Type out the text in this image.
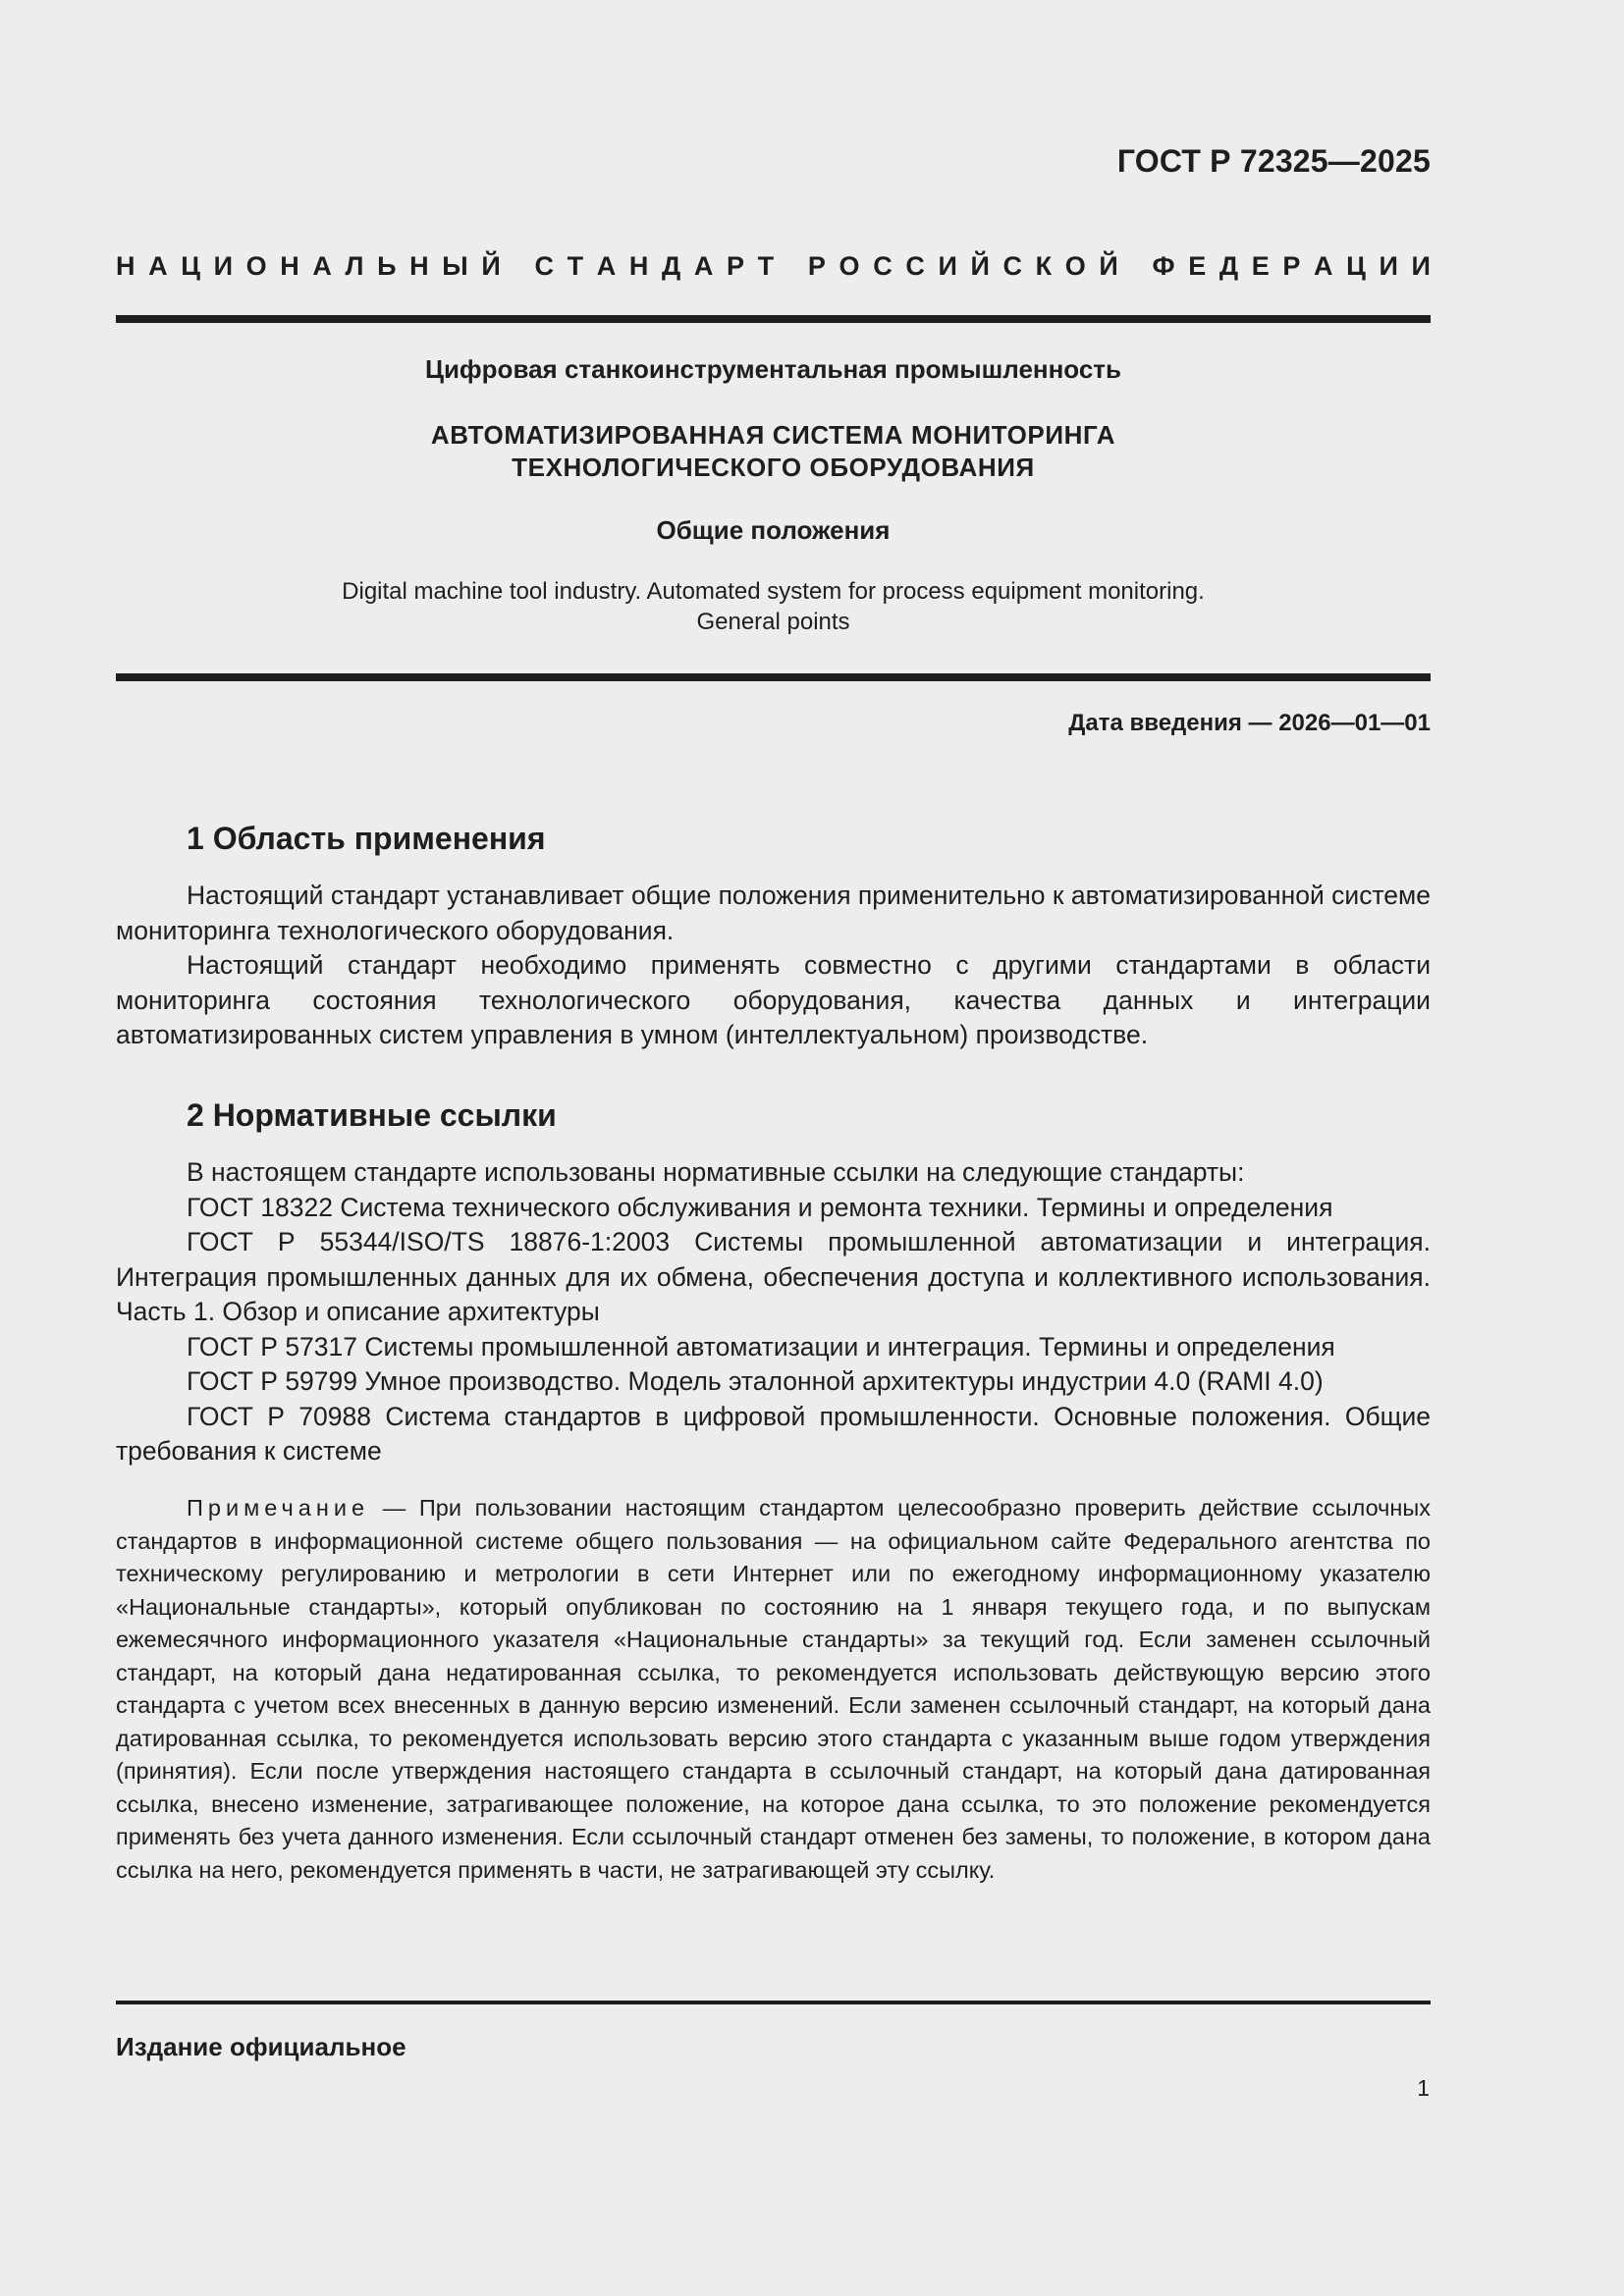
ГОСТ Р 72325—2025
Н А Ц И О Н А Л Ь Н Ы Й
С Т А Н Д А Р Т
Р О С С И Й С К О Й
Ф Е Д Е Р А Ц И И
Цифровая станкоинструментальная промышленность
АВТОМАТИЗИРОВАННАЯ СИСТЕМА МОНИТОРИНГА
ТЕХНОЛОГИЧЕСКОГО ОБОРУДОВАНИЯ
Общие положения
Digital machine tool industry. Automated system for process equipment monitoring.
General points
Дата введения — 2026—01—01
1 Область применения

Настоящий стандарт устанавливает общие положения применительно к автоматизированной системе мониторинга технологического оборудования.

Настоящий стандарт необходимо применять совместно с другими стандартами в области мониторинга состояния технологического оборудования, качества данных и интеграции автоматизированных систем управления в умном (интеллектуальном) производстве.

2 Нормативные ссылки

В настоящем стандарте использованы нормативные ссылки на следующие стандарты:

ГОСТ 18322 Система технического обслуживания и ремонта техники. Термины и определения

ГОСТ Р 55344/ISO/TS 18876-1:2003 Системы промышленной автоматизации и интеграция. Интеграция промышленных данных для их обмена, обеспечения доступа и коллективного использования. Часть 1. Обзор и описание архитектуры

ГОСТ Р 57317 Системы промышленной автоматизации и интеграция. Термины и определения

ГОСТ Р 59799 Умное производство. Модель эталонной архитектуры индустрии 4.0 (RAMI 4.0)

ГОСТ Р 70988 Система стандартов в цифровой промышленности. Основные положения. Общие требования к системе

Примечание — При пользовании настоящим стандартом целесообразно проверить действие ссылочных стандартов в информационной системе общего пользования — на официальном сайте Федерального агентства по техническому регулированию и метрологии в сети Интернет или по ежегодному информационному указателю «Национальные стандарты», который опубликован по состоянию на 1 января текущего года, и по выпускам ежемесячного информационного указателя «Национальные стандарты» за текущий год. Если заменен ссылочный стандарт, на который дана недатированная ссылка, то рекомендуется использовать действующую версию этого стандарта с учетом всех внесенных в данную версию изменений. Если заменен ссылочный стандарт, на который дана датированная ссылка, то рекомендуется использовать версию этого стандарта с указанным выше годом утверждения (принятия). Если после утверждения настоящего стандарта в ссылочный стандарт, на который дана датированная ссылка, внесено изменение, затрагивающее положение, на которое дана ссылка, то это положение рекомендуется применять без учета данного изменения. Если ссылочный стандарт отменен без замены, то положение, в котором дана ссылка на него, рекомендуется применять в части, не затрагивающей эту ссылку.
Издание официальное
1
